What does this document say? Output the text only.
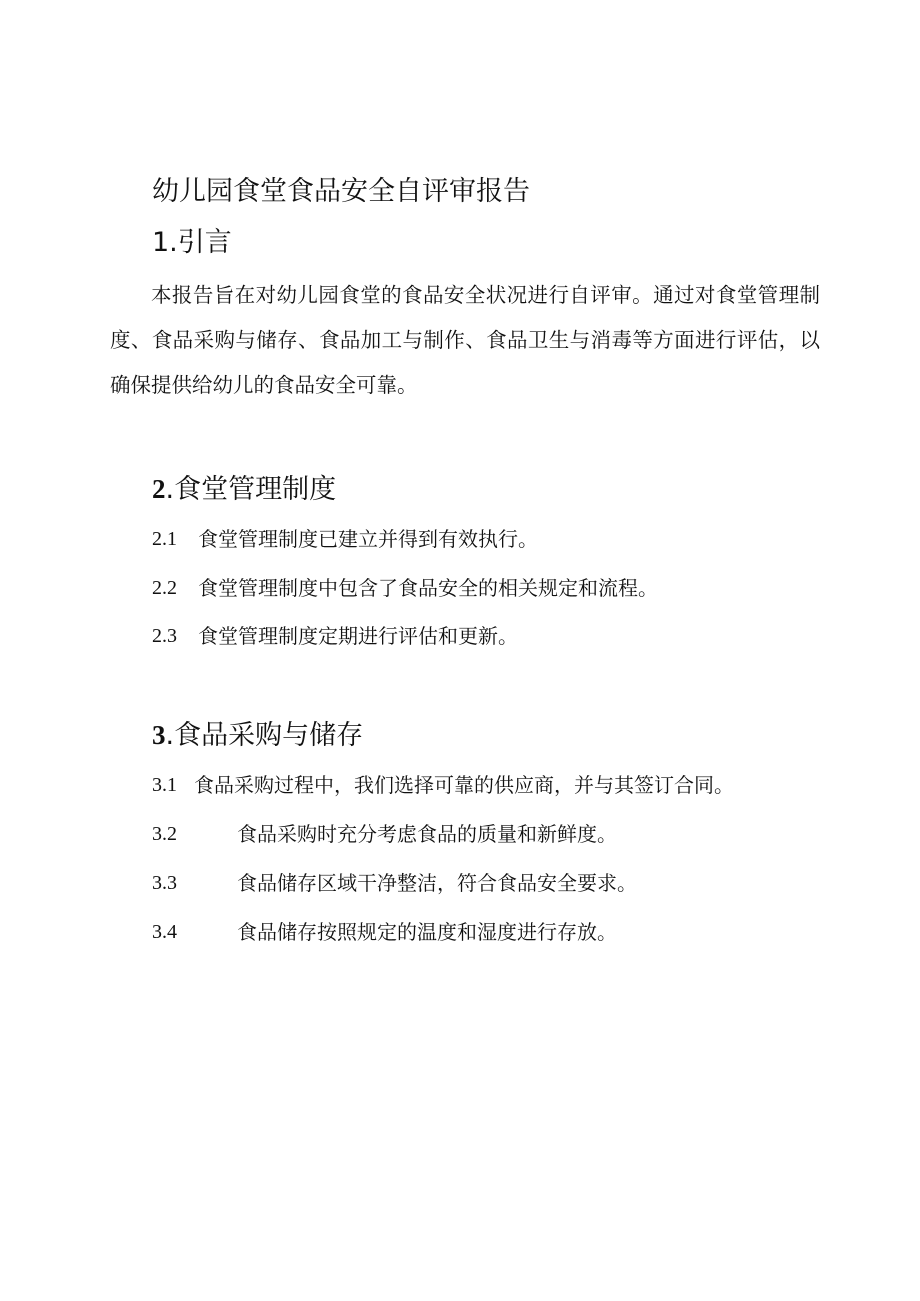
幼儿园食堂食品安全自评审报告
1.引言

本报告旨在对幼儿园食堂的食品安全状况进行自评审。通过对食堂管理制度、食品采购与储存、食品加工与制作、食品卫生与消毒等方面进行评估，以确保提供给幼儿的食品安全可靠。

2.食堂管理制度
2.1 食堂管理制度已建立并得到有效执行。
2.2 食堂管理制度中包含了食品安全的相关规定和流程。
2.3 食堂管理制度定期进行评估和更新。
3.食品采购与储存
3.1 食品采购过程中，我们选择可靠的供应商，并与其签订合同。
3.2	食品采购时充分考虑食品的质量和新鲜度。
3.3	食品储存区域干净整洁，符合食品安全要求。
3.4	食品储存按照规定的温度和湿度进行存放。
